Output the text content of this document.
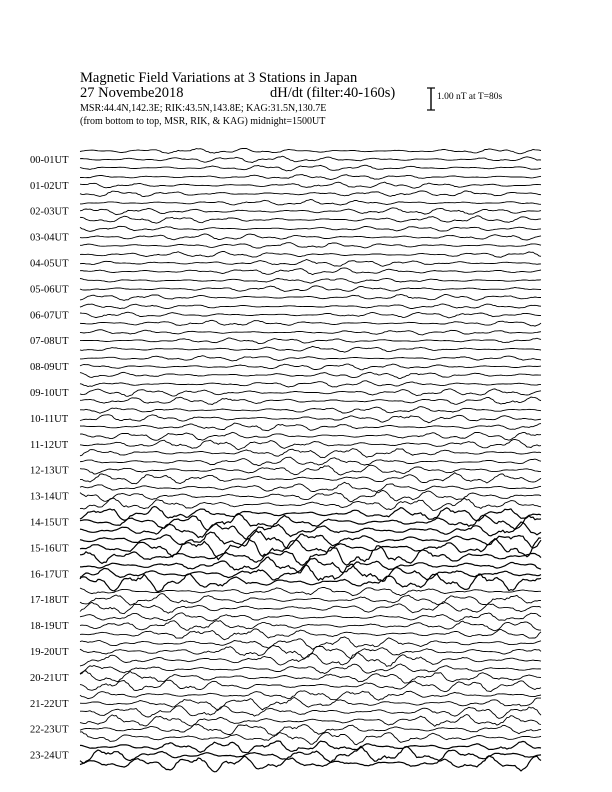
Magnetic Field Variations at 3 Stations in Japan
27 Novembe2018	dH/dt (filter:40-160s)
MSR:44.4N,142.3E; RIK:43.5N,143.8E; KAG:31.5N,130.7E
(from bottom to top, MSR, RIK, & KAG) midnight=1500UT
1.00 nT at T=80s
00-01UT
01-02UT
02-03UT
03-04UT
04-05UT
05-06UT
06-07UT
07-08UT
08-09UT
09-10UT
10-11UT
11-12UT
12-13UT
13-14UT
14-15UT
15-16UT
16-17UT
17-18UT
18-19UT
19-20UT
20-21UT
21-22UT
22-23UT
23-24UT
